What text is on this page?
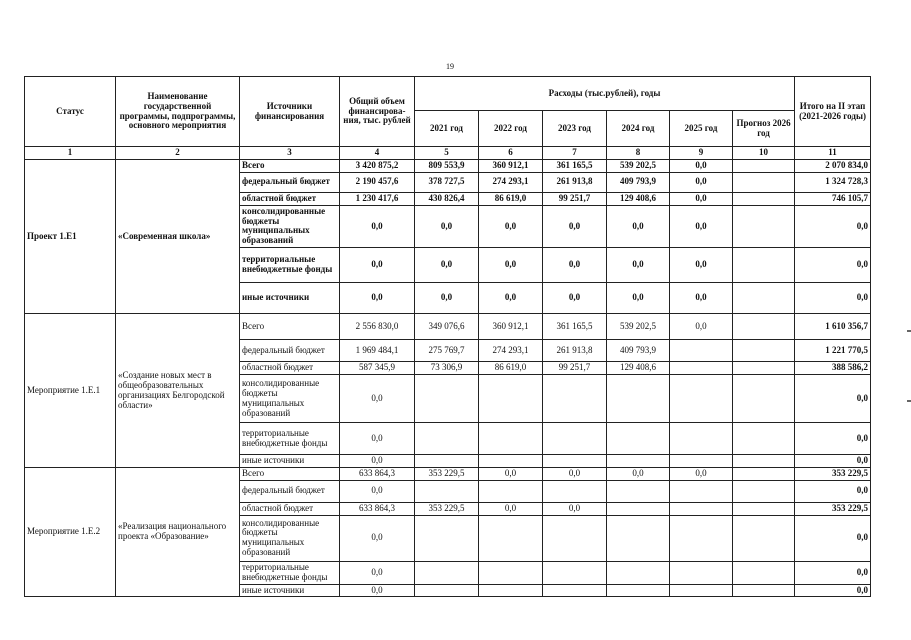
19
Статус	Наименование государственной программы, подпрограммы, основного мероприятия	Источники финансирования	Общий объем финансирова-ния, тыс. рублей	Расходы (тыс.рублей), годы						Итого на II этап (2021-2026 годы)
				2021 год	2022 год	2023 год	2024 год	2025 год	Прогноз 2026 год	
1	2	3	4	5	6	7	8	9	10	11
Проект 1.Е1	«Современная школа»	Всего	3 420 875,2	809 553,9	360 912,1	361 165,5	539 202,5	0,0		2 070 834,0
		федеральный бюджет	2 190 457,6	378 727,5	274 293,1	261 913,8	409 793,9	0,0		1 324 728,3
		областной бюджет	1 230 417,6	430 826,4	86 619,0	99 251,7	129 408,6	0,0		746 105,7
		консолидированные бюджеты муниципальных образований	0,0	0,0	0,0	0,0	0,0	0,0		0,0
		территориальные внебюджетные фонды	0,0	0,0	0,0	0,0	0,0	0,0		0,0
		иные источники	0,0	0,0	0,0	0,0	0,0	0,0		0,0
Мероприятие 1.Е.1	«Создание новых мест в общеобразовательных организациях Белгородской области»	Всего	2 556 830,0	349 076,6	360 912,1	361 165,5	539 202,5	0,0		1 610 356,7
		федеральный бюджет	1 969 484,1	275 769,7	274 293,1	261 913,8	409 793,9			1 221 770,5
		областной бюджет	587 345,9	73 306,9	86 619,0	99 251,7	129 408,6			388 586,2
		консолидированные бюджеты муниципальных образований	0,0							0,0
		территориальные внебюджетные фонды	0,0							0,0
		иные источники	0,0							0,0
Мероприятие 1.Е.2	«Реализация национального проекта «Образование»	Всего	633 864,3	353 229,5	0,0	0,0	0,0	0,0		353 229,5
		федеральный бюджет	0,0							0,0
		областной бюджет	633 864,3	353 229,5	0,0	0,0				353 229,5
		консолидированные бюджеты муниципальных образований	0,0							0,0
		территориальные внебюджетные фонды	0,0							0,0
		иные источники	0,0							0,0
